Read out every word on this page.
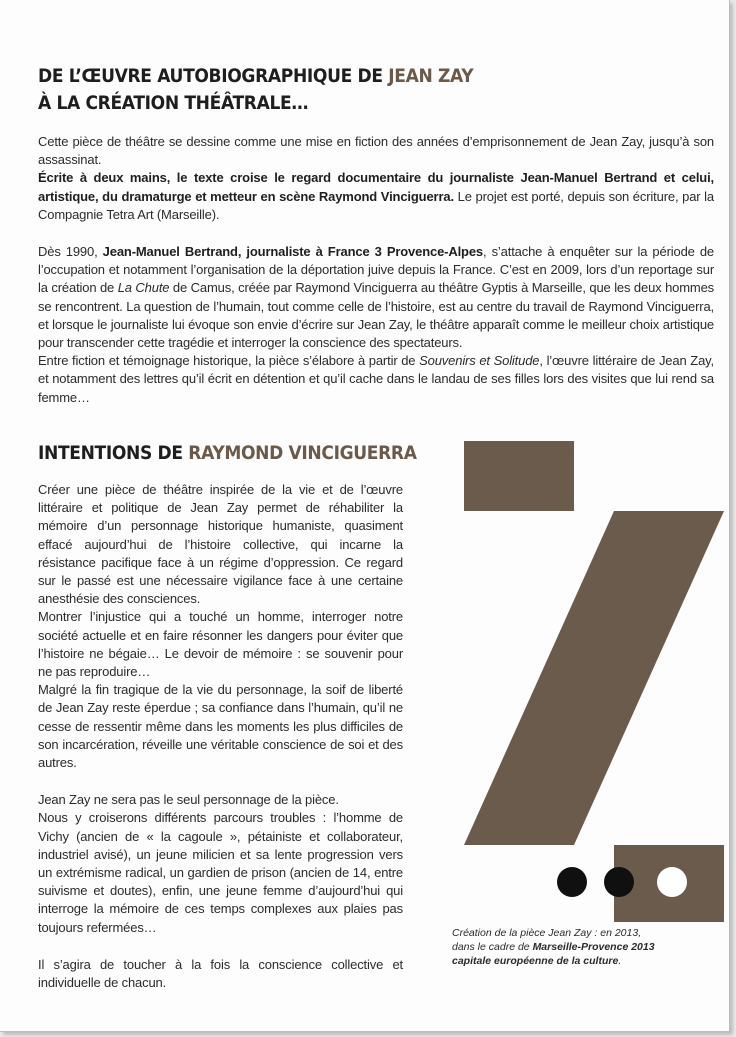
DE L’ŒUVRE AUTOBIOGRAPHIQUE DE JEAN ZAY
À LA CRÉATION THÉÂTRALE…

Cette pièce de théâtre se dessine comme une mise en fiction des années d’emprisonnement de Jean Zay, jusqu’à son assassinat.

Écrite à deux mains, le texte croise le regard documentaire du journaliste Jean-Manuel Bertrand et celui, artistique, du dramaturge et metteur en scène Raymond Vinciguerra. Le projet est porté, depuis son écriture, par la Compagnie Tetra Art (Marseille).

Dès 1990, Jean-Manuel Bertrand, journaliste à France 3 Provence-Alpes, s’attache à enquêter sur la période de l’occupation et notamment l’organisation de la déportation juive depuis la France. C’est en 2009, lors d’un reportage sur la création de La Chute de Camus, créée par Raymond Vinciguerra au théâtre Gyptis à Marseille, que les deux hommes se rencontrent. La question de l’humain, tout comme celle de l’histoire, est au centre du travail de Raymond Vinciguerra, et lorsque le journaliste lui évoque son envie d’écrire sur Jean Zay, le théâtre apparaît comme le meilleur choix artistique pour transcender cette tragédie et interroger la conscience des spectateurs.

Entre fiction et témoignage historique, la pièce s’élabore à partir de Souvenirs et Solitude, l’œuvre littéraire de Jean Zay, et notamment des lettres qu’il écrit en détention et qu’il cache dans le landau de ses filles lors des visites que lui rend sa femme…

INTENTIONS DE RAYMOND VINCIGUERRA

Créer une pièce de théâtre inspirée de la vie et de l’œuvre littéraire et politique de Jean Zay permet de réhabiliter la mémoire d’un personnage historique humaniste, quasiment effacé aujourd’hui de l’histoire collective, qui incarne la résistance pacifique face à un régime d’oppression. Ce regard sur le passé est une nécessaire vigilance face à une certaine anesthésie des consciences.

Montrer l’injustice qui a touché un homme, interroger notre société actuelle et en faire résonner les dangers pour éviter que l’histoire ne bégaie… Le devoir de mémoire : se souvenir pour ne pas reproduire…

Malgré la fin tragique de la vie du personnage, la soif de liberté de Jean Zay reste éperdue ; sa confiance dans l’humain, qu’il ne cesse de ressentir même dans les moments les plus difficiles de son incarcération, réveille une véritable conscience de soi et des autres.

Jean Zay ne sera pas le seul personnage de la pièce.

Nous y croiserons différents parcours troubles : l’homme de Vichy (ancien de « la cagoule », pétainiste et collaborateur, industriel avisé), un jeune milicien et sa lente progression vers un extrémisme radical, un gardien de prison (ancien de 14, entre suivisme et doutes), enfin, une jeune femme d’aujourd’hui qui interroge la mémoire de ces temps complexes aux plaies pas toujours refermées…

Il s’agira de toucher à la fois la conscience collective et individuelle de chacun.

Création de la pièce Jean Zay : en 2013,

dans le cadre de Marseille-Provence 2013

capitale européenne de la culture.
